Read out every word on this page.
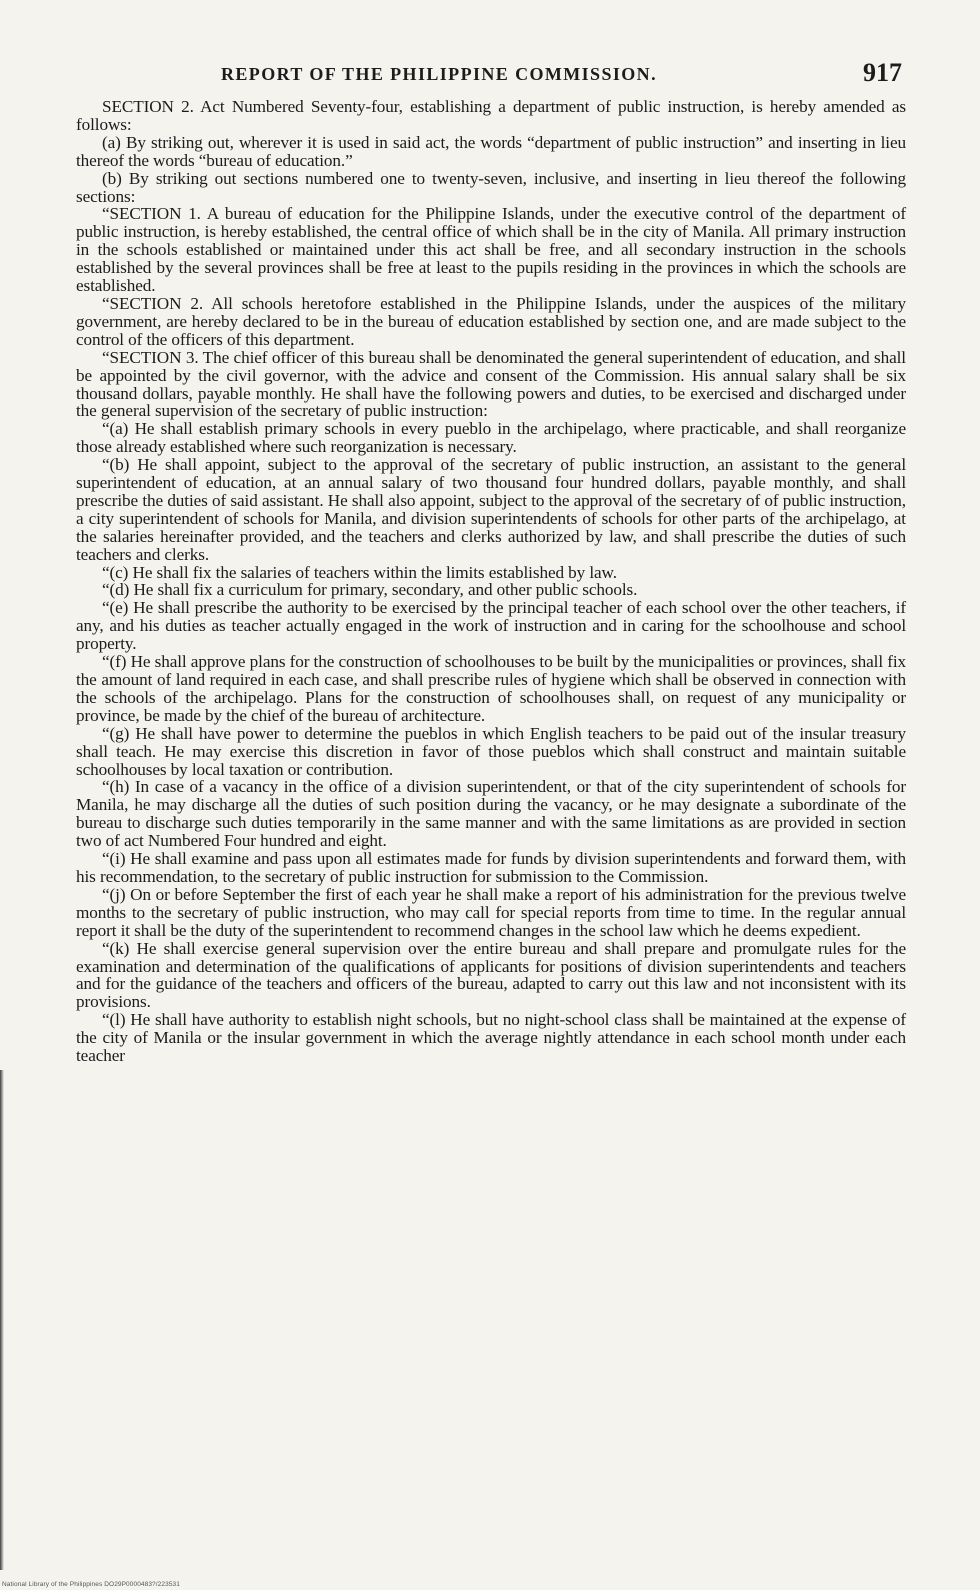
REPORT OF THE PHILIPPINE COMMISSION.	917

SECTION 2. Act Numbered Seventy-four, establishing a department of public instruction, is hereby amended as follows:

(a) By striking out, wherever it is used in said act, the words “department of public instruction” and inserting in lieu thereof the words “bureau of education.”

(b) By striking out sections numbered one to twenty-seven, inclusive, and inserting in lieu thereof the following sections:

“SECTION 1. A bureau of education for the Philippine Islands, under the executive control of the department of public instruction, is hereby established, the central office of which shall be in the city of Manila. All primary instruction in the schools established or maintained under this act shall be free, and all secondary instruction in the schools established by the several provinces shall be free at least to the pupils residing in the provinces in which the schools are established.

“SECTION 2. All schools heretofore established in the Philippine Islands, under the auspices of the military government, are hereby declared to be in the bureau of education established by section one, and are made subject to the control of the officers of this department.

“SECTION 3. The chief officer of this bureau shall be denominated the general superintendent of education, and shall be appointed by the civil governor, with the advice and consent of the Commission. His annual salary shall be six thousand dollars, payable monthly. He shall have the following powers and duties, to be exercised and discharged under the general supervision of the secretary of public instruction:

“(a) He shall establish primary schools in every pueblo in the archipelago, where practicable, and shall reorganize those already established where such reorganization is necessary.

“(b) He shall appoint, subject to the approval of the secretary of public instruction, an assistant to the general superintendent of education, at an annual salary of two thousand four hundred dollars, payable monthly, and shall prescribe the duties of said assistant. He shall also appoint, subject to the approval of the secretary of of public instruction, a city superintendent of schools for Manila, and division superintendents of schools for other parts of the archipelago, at the salaries hereinafter provided, and the teachers and clerks authorized by law, and shall prescribe the duties of such teachers and clerks.

“(c) He shall fix the salaries of teachers within the limits established by law.

“(d) He shall fix a curriculum for primary, secondary, and other public schools.

“(e) He shall prescribe the authority to be exercised by the principal teacher of each school over the other teachers, if any, and his duties as teacher actually engaged in the work of instruction and in caring for the schoolhouse and school property.

“(f) He shall approve plans for the construction of schoolhouses to be built by the municipalities or provinces, shall fix the amount of land required in each case, and shall prescribe rules of hygiene which shall be observed in connection with the schools of the archipelago. Plans for the construction of schoolhouses shall, on request of any municipality or province, be made by the chief of the bureau of architecture.

“(g) He shall have power to determine the pueblos in which English teachers to be paid out of the insular treasury shall teach. He may exercise this discretion in favor of those pueblos which shall construct and maintain suitable schoolhouses by local taxation or contribution.

“(h) In case of a vacancy in the office of a division superintendent, or that of the city superintendent of schools for Manila, he may discharge all the duties of such position during the vacancy, or he may designate a subordinate of the bureau to discharge such duties temporarily in the same manner and with the same limitations as are provided in section two of act Numbered Four hundred and eight.

“(i) He shall examine and pass upon all estimates made for funds by division superintendents and forward them, with his recommendation, to the secretary of public instruction for submission to the Commission.

“(j) On or before September the first of each year he shall make a report of his administration for the previous twelve months to the secretary of public instruction, who may call for special reports from time to time. In the regular annual report it shall be the duty of the superintendent to recommend changes in the school law which he deems expedient.

“(k) He shall exercise general supervision over the entire bureau and shall prepare and promulgate rules for the examination and determination of the qualifications of applicants for positions of division superintendents and teachers and for the guidance of the teachers and officers of the bureau, adapted to carry out this law and not inconsistent with its provisions.

“(l) He shall have authority to establish night schools, but no night-school class shall be maintained at the expense of the city of Manila or the insular government in which the average nightly attendance in each school month under each teacher

National Library of the Philippines DO29P0000483?/223531
